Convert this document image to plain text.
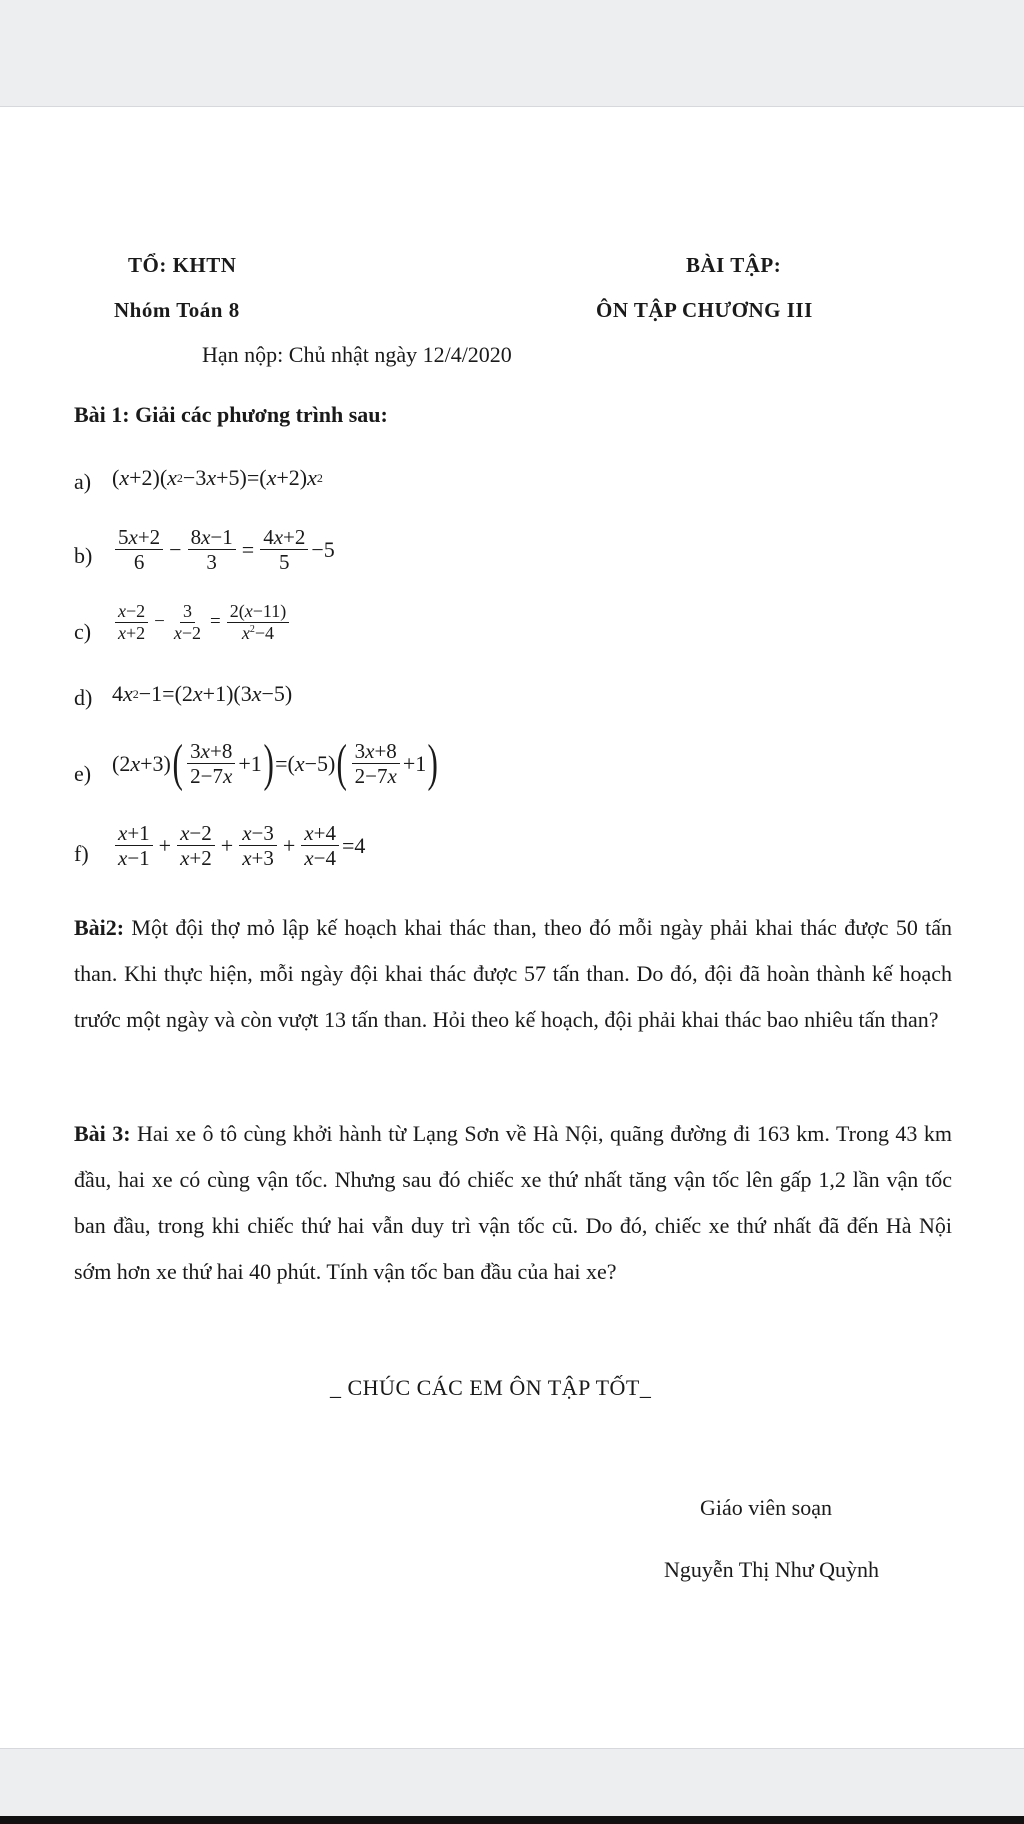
TỔ: KHTN	BÀI TẬP:
Nhóm Toán 8	ÔN TẬP CHƯƠNG III
Hạn nộp: Chủ nhật ngày 12/4/2020
Bài 1: Giải các phương trình sau:
a) ( x +2)( x 2 −3 x +5)=( x +2) x 2
$b) \frac{5x+2}{6} - \frac{8x-1}{3} = \frac{4x+2}{5} -5$
$c) \frac{x-2}{x+2} - \frac{3}{x-2} = \frac{2(x-11)}{x^2-4}$
d) 4 x 2 −1=(2 x +1)(3 x −5)
e) (2 x +3) ( $\frac{3x+8}{2-7x} +1$ ) =( x −5) ( $\frac{3x+8}{2-7x} +1$ )
$f) \frac{x+1}{x-1} + \frac{x-2}{x+2} + \frac{x-3}{x+3} + \frac{x+4}{x-4} =4$
Bài2: Một đội thợ mỏ lập kế hoạch khai thác than, theo đó mỗi ngày phải khai thác được 50 tấn than. Khi thực hiện, mỗi ngày đội khai thác được 57 tấn than. Do đó, đội đã hoàn thành kế hoạch trước một ngày và còn vượt 13 tấn than. Hỏi theo kế hoạch, đội phải khai thác bao nhiêu tấn than?
Bài 3: Hai xe ô tô cùng khởi hành từ Lạng Sơn về Hà Nội, quãng đường đi 163 km. Trong 43 km đầu, hai xe có cùng vận tốc. Nhưng sau đó chiếc xe thứ nhất tăng vận tốc lên gấp 1,2 lần vận tốc ban đầu, trong khi chiếc thứ hai vẫn duy trì vận tốc cũ. Do đó, chiếc xe thứ nhất đã đến Hà Nội sớm hơn xe thứ hai 40 phút. Tính vận tốc ban đầu của hai xe?
_ CHÚC CÁC EM ÔN TẬP TỐT_
Giáo viên soạn
Nguyễn Thị Như Quỳnh
